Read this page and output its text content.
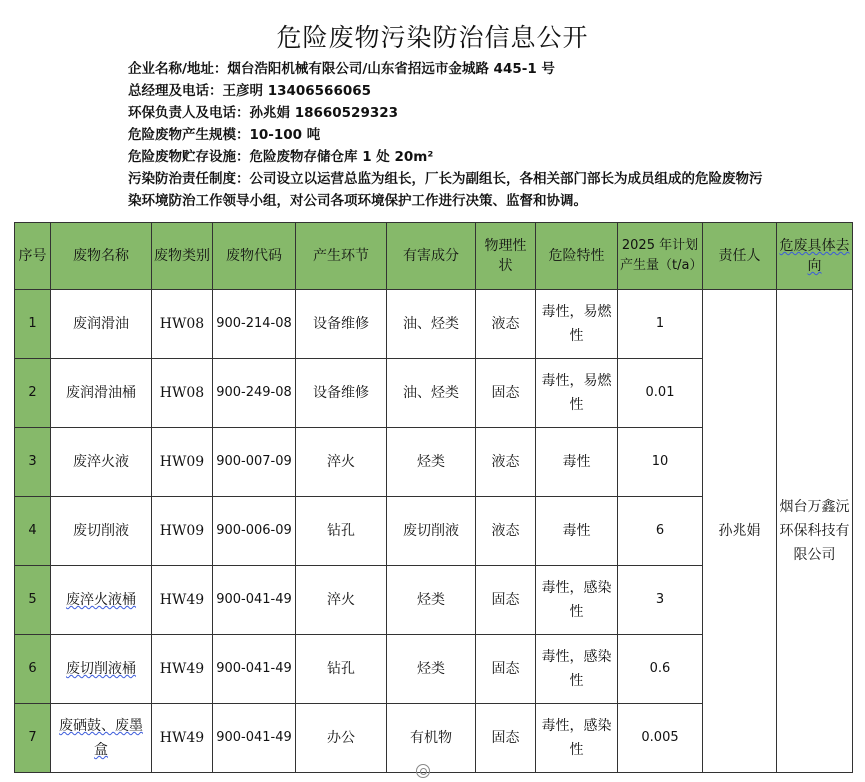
危险废物污染防治信息公开
企业名称/地址：烟台浩阳机械有限公司/山东省招远市金城路 445-1 号
总经理及电话：王彦明 13406566065
环保负责人及电话：孙兆娟 18660529323
危险废物产生规模：10-100 吨
危险废物贮存设施：危险废物存储仓库 1 处 20m²
污染防治责任制度：公司设立以运营总监为组长，厂长为副组长，各相关部门部长为成员组成的危险废物污染环境防治工作领导小组，对公司各项环境保护工作进行决策、监督和协调。
序号	废物名称	废物类别	废物代码	产生环节	有害成分	物理性状	危险特性	2025 年计划产生量（t/a）	责任人	危废具体去向
1	废润滑油	HW08	900-214-08	设备维修	油、烃类	液态	毒性，易燃性	1	孙兆娟	烟台万鑫沅环保科技有限公司
2	废润滑油桶	HW08	900-249-08	设备维修	油、烃类	固态	毒性，易燃性	0.01		
3	废淬火液	HW09	900-007-09	淬火	烃类	液态	毒性	10		
4	废切削液	HW09	900-006-09	钻孔	废切削液	液态	毒性	6		
5	废淬火液桶	HW49	900-041-49	淬火	烃类	固态	毒性，感染性	3		
6	废切削液桶	HW49	900-041-49	钻孔	烃类	固态	毒性，感染性	0.6		
7	废硒鼓、废墨盒	HW49	900-041-49	办公	有机物	固态	毒性，感染性	0.005		
